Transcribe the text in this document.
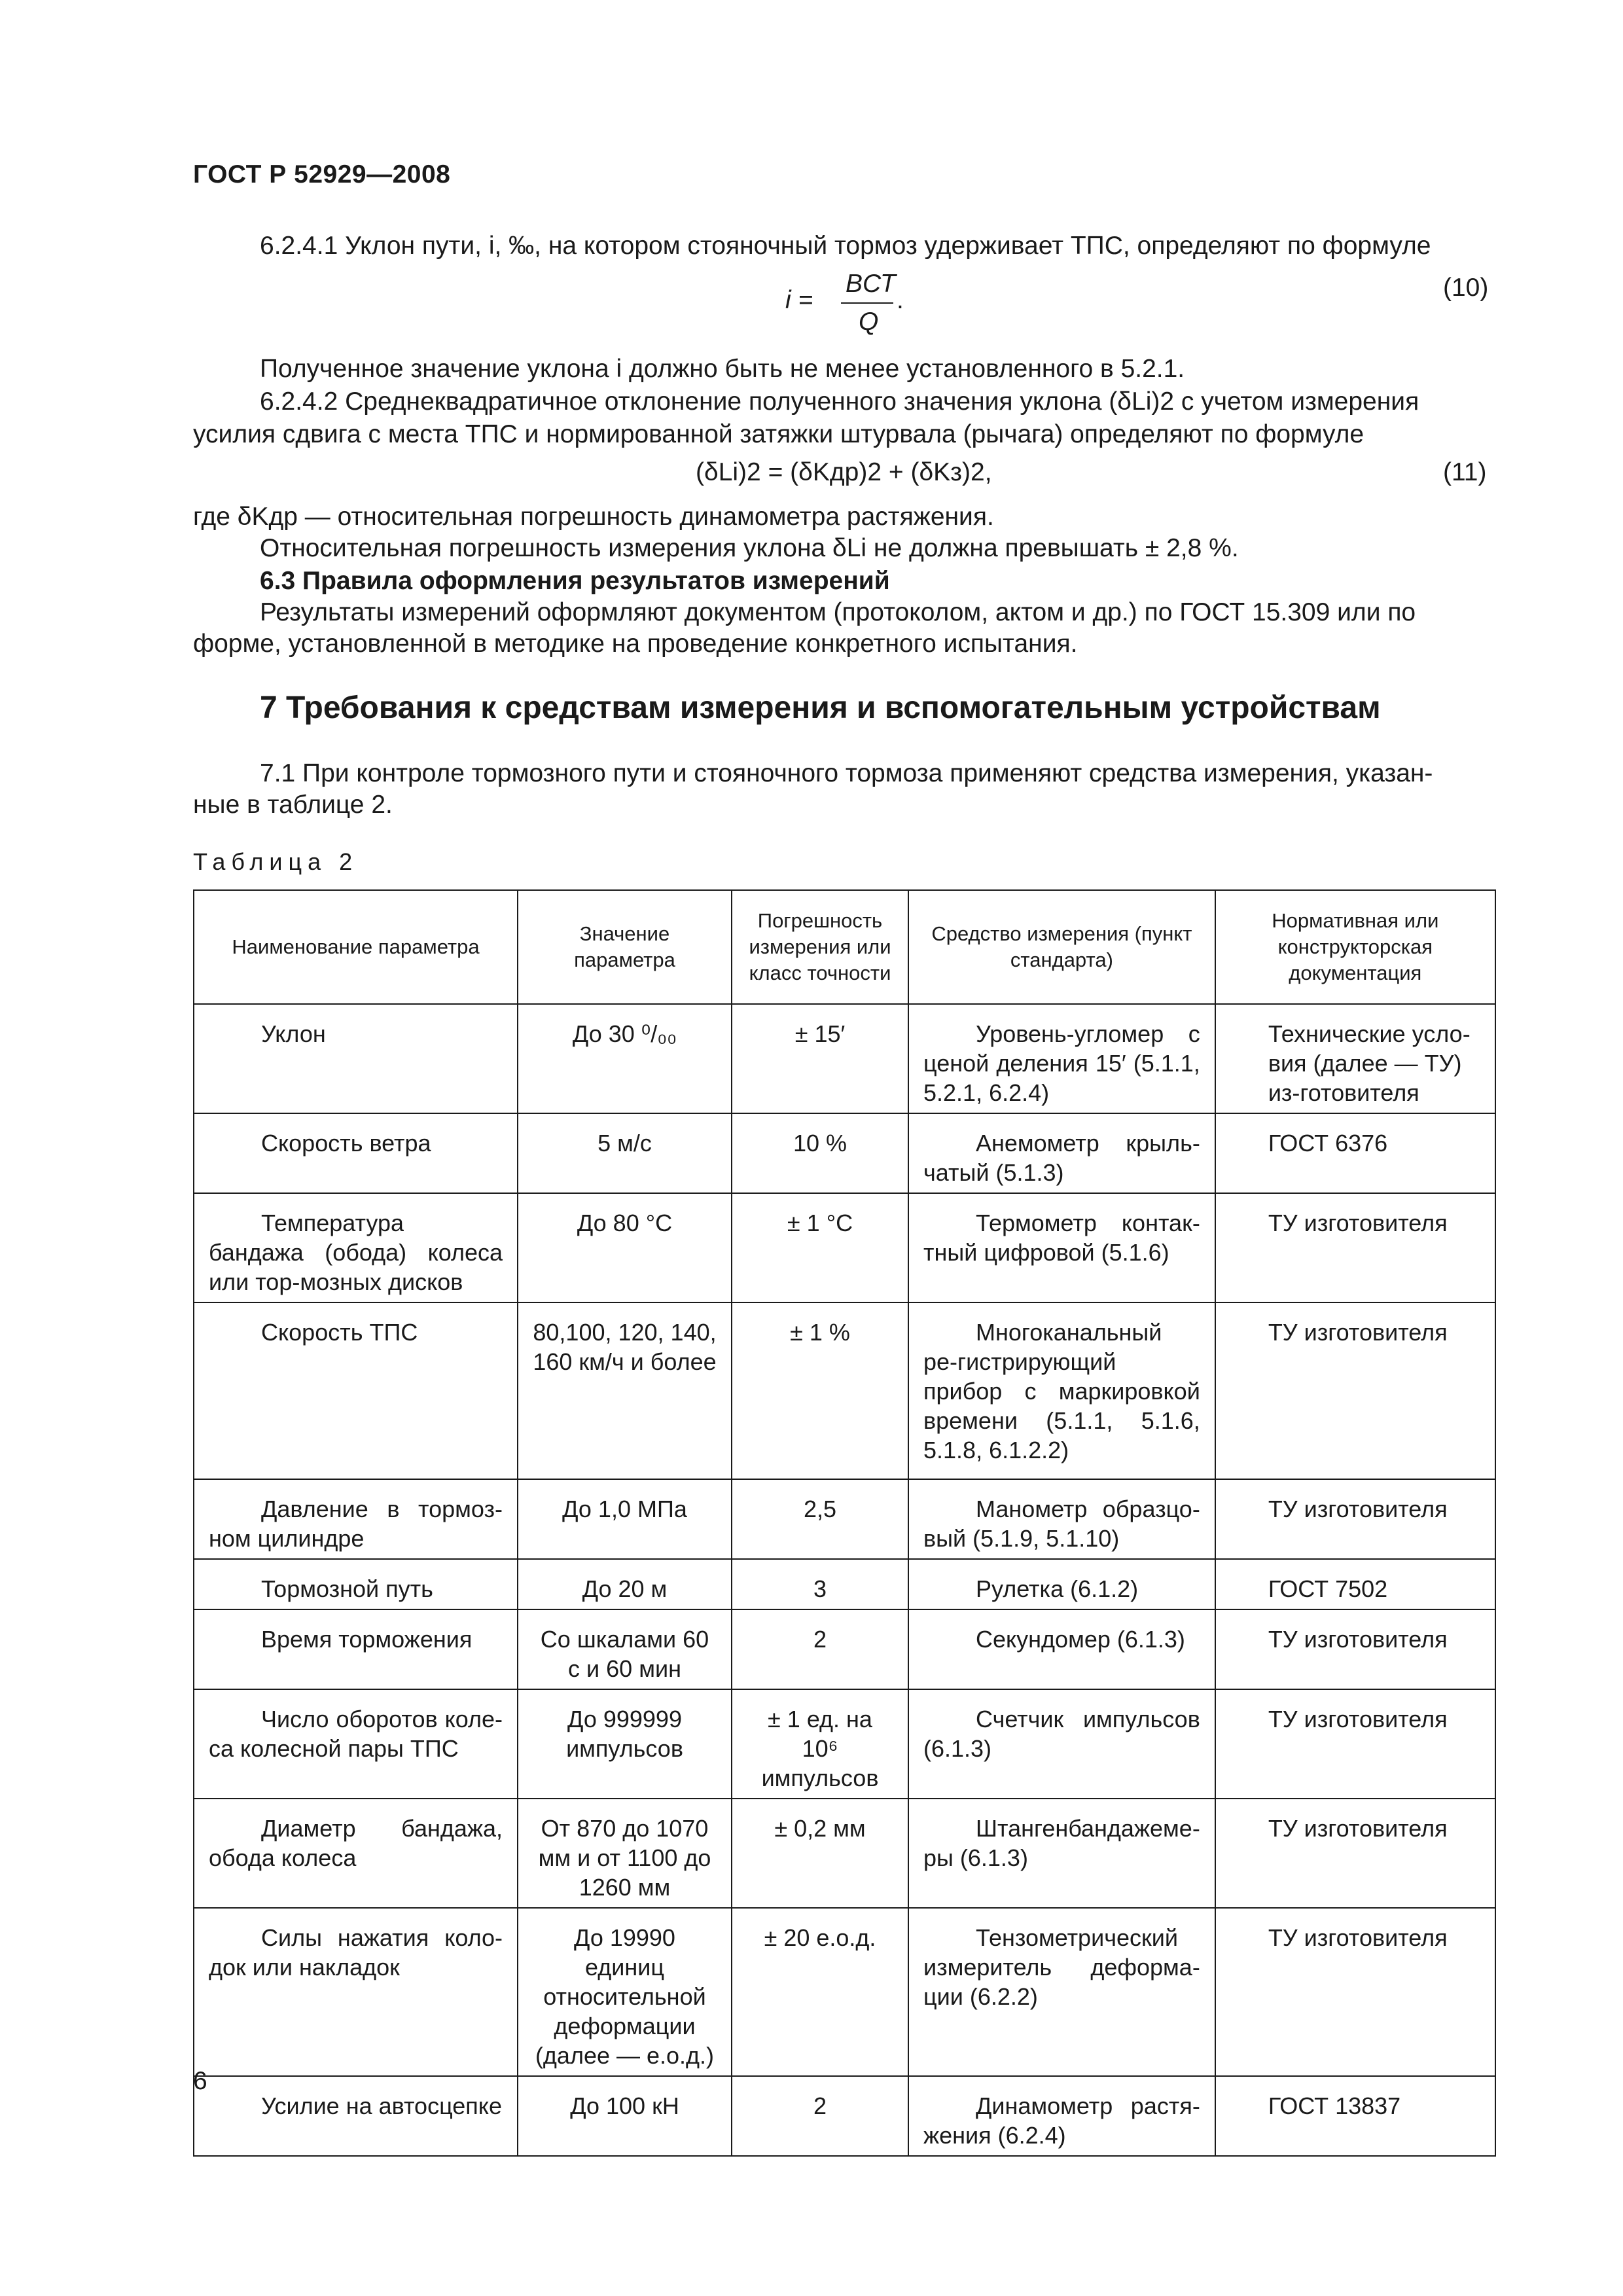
ГОСТ Р 52929—2008
6.2.4.1 Уклон пути, i, ‰, на котором стояночный тормоз удерживает ТПС, определяют по формуле
i =
BСТ
Q
.	(10)
Полученное значение уклона i должно быть не менее установленного в 5.2.1.
6.2.4.2 Среднеквадратичное отклонение полученного значения уклона (δLi)2 с учетом измерения
усилия сдвига с места ТПС и нормированной затяжки штурвала (рычага) определяют по формуле
(δLi)2 = (δKдр)2 + (δKз)2,	(11)
где δKдр — относительная погрешность динамометра растяжения.
Относительная погрешность измерения уклона δLi не должна превышать ± 2,8 %.
6.3 Правила оформления результатов измерений
Результаты измерений оформляют документом (протоколом, актом и др.) по ГОСТ 15.309 или по
форме, установленной в методике на проведение конкретного испытания.
7 Требования к средствам измерения и вспомогательным устройствам
7.1 При контроле тормозного пути и стояночного тормоза применяют средства измерения, указан-
ные в таблице 2.
Таблица 2
Наименование параметра	Значение параметра	Погрешность измерения или класс точности	Средство измерения (пункт стандарта)	Нормативная или конструкторская документация

Уклон	До 30 ⁰/₀₀	± 15′	Уровень-угломер с ценой деления 15′ (5.1.1, 5.2.1, 6.2.4)	Технические усло-вия (далее — ТУ) из-готовителя

Скорость ветра	5 м/с	10 %	Анемометр крыль-чатый (5.1.3)	ГОСТ 6376

Температура бандажа (обода) колеса или тор-мозных дисков	До 80 °С	± 1 °С	Термометр контак-тный цифровой (5.1.6)	ТУ изготовителя

Скорость ТПС	80,100, 120, 140, 160 км/ч и более	± 1 %	Многоканальный ре-гистрирующий прибор с маркировкой времени (5.1.1, 5.1.6, 5.1.8, 6.1.2.2)	ТУ изготовителя

Давление в тормоз-ном цилиндре	До 1,0 МПа	2,5	Манометр образцо-вый (5.1.9, 5.1.10)	ТУ изготовителя

Тормозной путь	До 20 м	3	Рулетка (6.1.2)	ГОСТ 7502

Время торможения	Со шкалами 60 с и 60 мин	2	Секундомер (6.1.3)	ТУ изготовителя

Число оборотов коле-са колесной пары ТПС	До 999999 импульсов	± 1 ед. на 10⁶ импульсов	Счетчик импульсов (6.1.3)	ТУ изготовителя

Диаметр бандажа, обода колеса	От 870 до 1070 мм и от 1100 до 1260 мм	± 0,2 мм	Штангенбандажеме-ры (6.1.3)	ТУ изготовителя

Силы нажатия коло-док или накладок	До 19990 единиц относительной деформации (далее — е.о.д.)	± 20 е.о.д.	Тензометрический измеритель деформа-ции (6.2.2)	ТУ изготовителя

Усилие на автосцепке	До 100 кН	2	Динамометр растя-жения (6.2.4)	ГОСТ 13837
6
